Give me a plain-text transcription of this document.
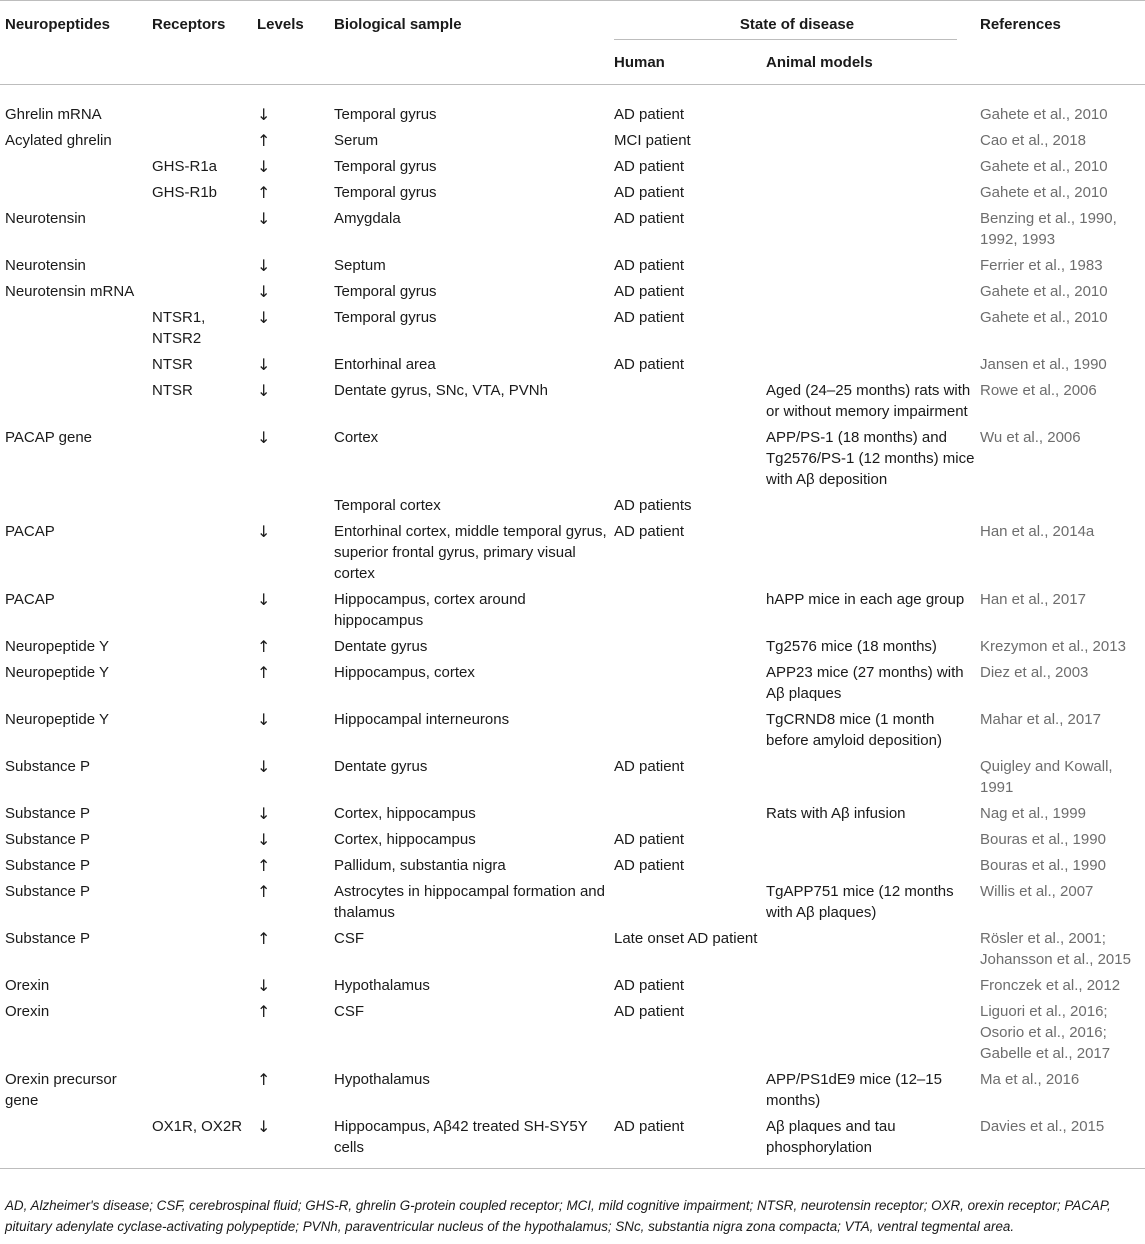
Neuropeptides	Receptors	Levels	Biological sample	State of disease		References
				Human	Animal models	

Ghrelin mRNA		↓	Temporal gyrus	AD patient		Gahete et al., 2010
Acylated ghrelin		↑	Serum	MCI patient		Cao et al., 2018
	GHS-R1a	↓	Temporal gyrus	AD patient		Gahete et al., 2010
	GHS-R1b	↑	Temporal gyrus	AD patient		Gahete et al., 2010
Neurotensin		↓	Amygdala	AD patient		Benzing et al., 1990, 1992, 1993
Neurotensin		↓	Septum	AD patient		Ferrier et al., 1983
Neurotensin mRNA		↓	Temporal gyrus	AD patient		Gahete et al., 2010
	NTSR1, NTSR2	↓	Temporal gyrus	AD patient		Gahete et al., 2010
	NTSR	↓	Entorhinal area	AD patient		Jansen et al., 1990
	NTSR	↓	Dentate gyrus, SNc, VTA, PVNh		Aged (24–25 months) rats with or without memory impairment	Rowe et al., 2006
PACAP gene		↓	Cortex		APP/PS-1 (18 months) and Tg2576/PS-1 (12 months) mice with Aβ deposition	Wu et al., 2006
			Temporal cortex	AD patients		
PACAP		↓	Entorhinal cortex, middle temporal gyrus, superior frontal gyrus, primary visual cortex	AD patient		Han et al., 2014a
PACAP		↓	Hippocampus, cortex around hippocampus		hAPP mice in each age group	Han et al., 2017
Neuropeptide Y		↑	Dentate gyrus		Tg2576 mice (18 months)	Krezymon et al., 2013
Neuropeptide Y		↑	Hippocampus, cortex		APP23 mice (27 months) with Aβ plaques	Diez et al., 2003
Neuropeptide Y		↓	Hippocampal interneurons		TgCRND8 mice (1 month before amyloid deposition)	Mahar et al., 2017
Substance P		↓	Dentate gyrus	AD patient		Quigley and Kowall, 1991
Substance P		↓	Cortex, hippocampus		Rats with Aβ infusion	Nag et al., 1999
Substance P		↓	Cortex, hippocampus	AD patient		Bouras et al., 1990
Substance P		↑	Pallidum, substantia nigra	AD patient		Bouras et al., 1990
Substance P		↑	Astrocytes in hippocampal formation and thalamus		TgAPP751 mice (12 months with Aβ plaques)	Willis et al., 2007
Substance P		↑	CSF	Late onset AD patient		Rösler et al., 2001; Johansson et al., 2015
Orexin		↓	Hypothalamus	AD patient		Fronczek et al., 2012
Orexin		↑	CSF	AD patient		Liguori et al., 2016; Osorio et al., 2016; Gabelle et al., 2017
Orexin precursor gene		↑	Hypothalamus		APP/PS1dE9 mice (12–15 months)	Ma et al., 2016
	OX1R, OX2R	↓	Hippocampus, Aβ42 treated SH-SY5Y cells	AD patient	Aβ plaques and tau phosphorylation	Davies et al., 2015
AD, Alzheimer's disease; CSF, cerebrospinal fluid; GHS-R, ghrelin G-protein coupled receptor; MCI, mild cognitive impairment; NTSR, neurotensin receptor; OXR, orexin receptor; PACAP, pituitary adenylate cyclase-activating polypeptide; PVNh, paraventricular nucleus of the hypothalamus; SNc, substantia nigra zona compacta; VTA, ventral tegmental area.
